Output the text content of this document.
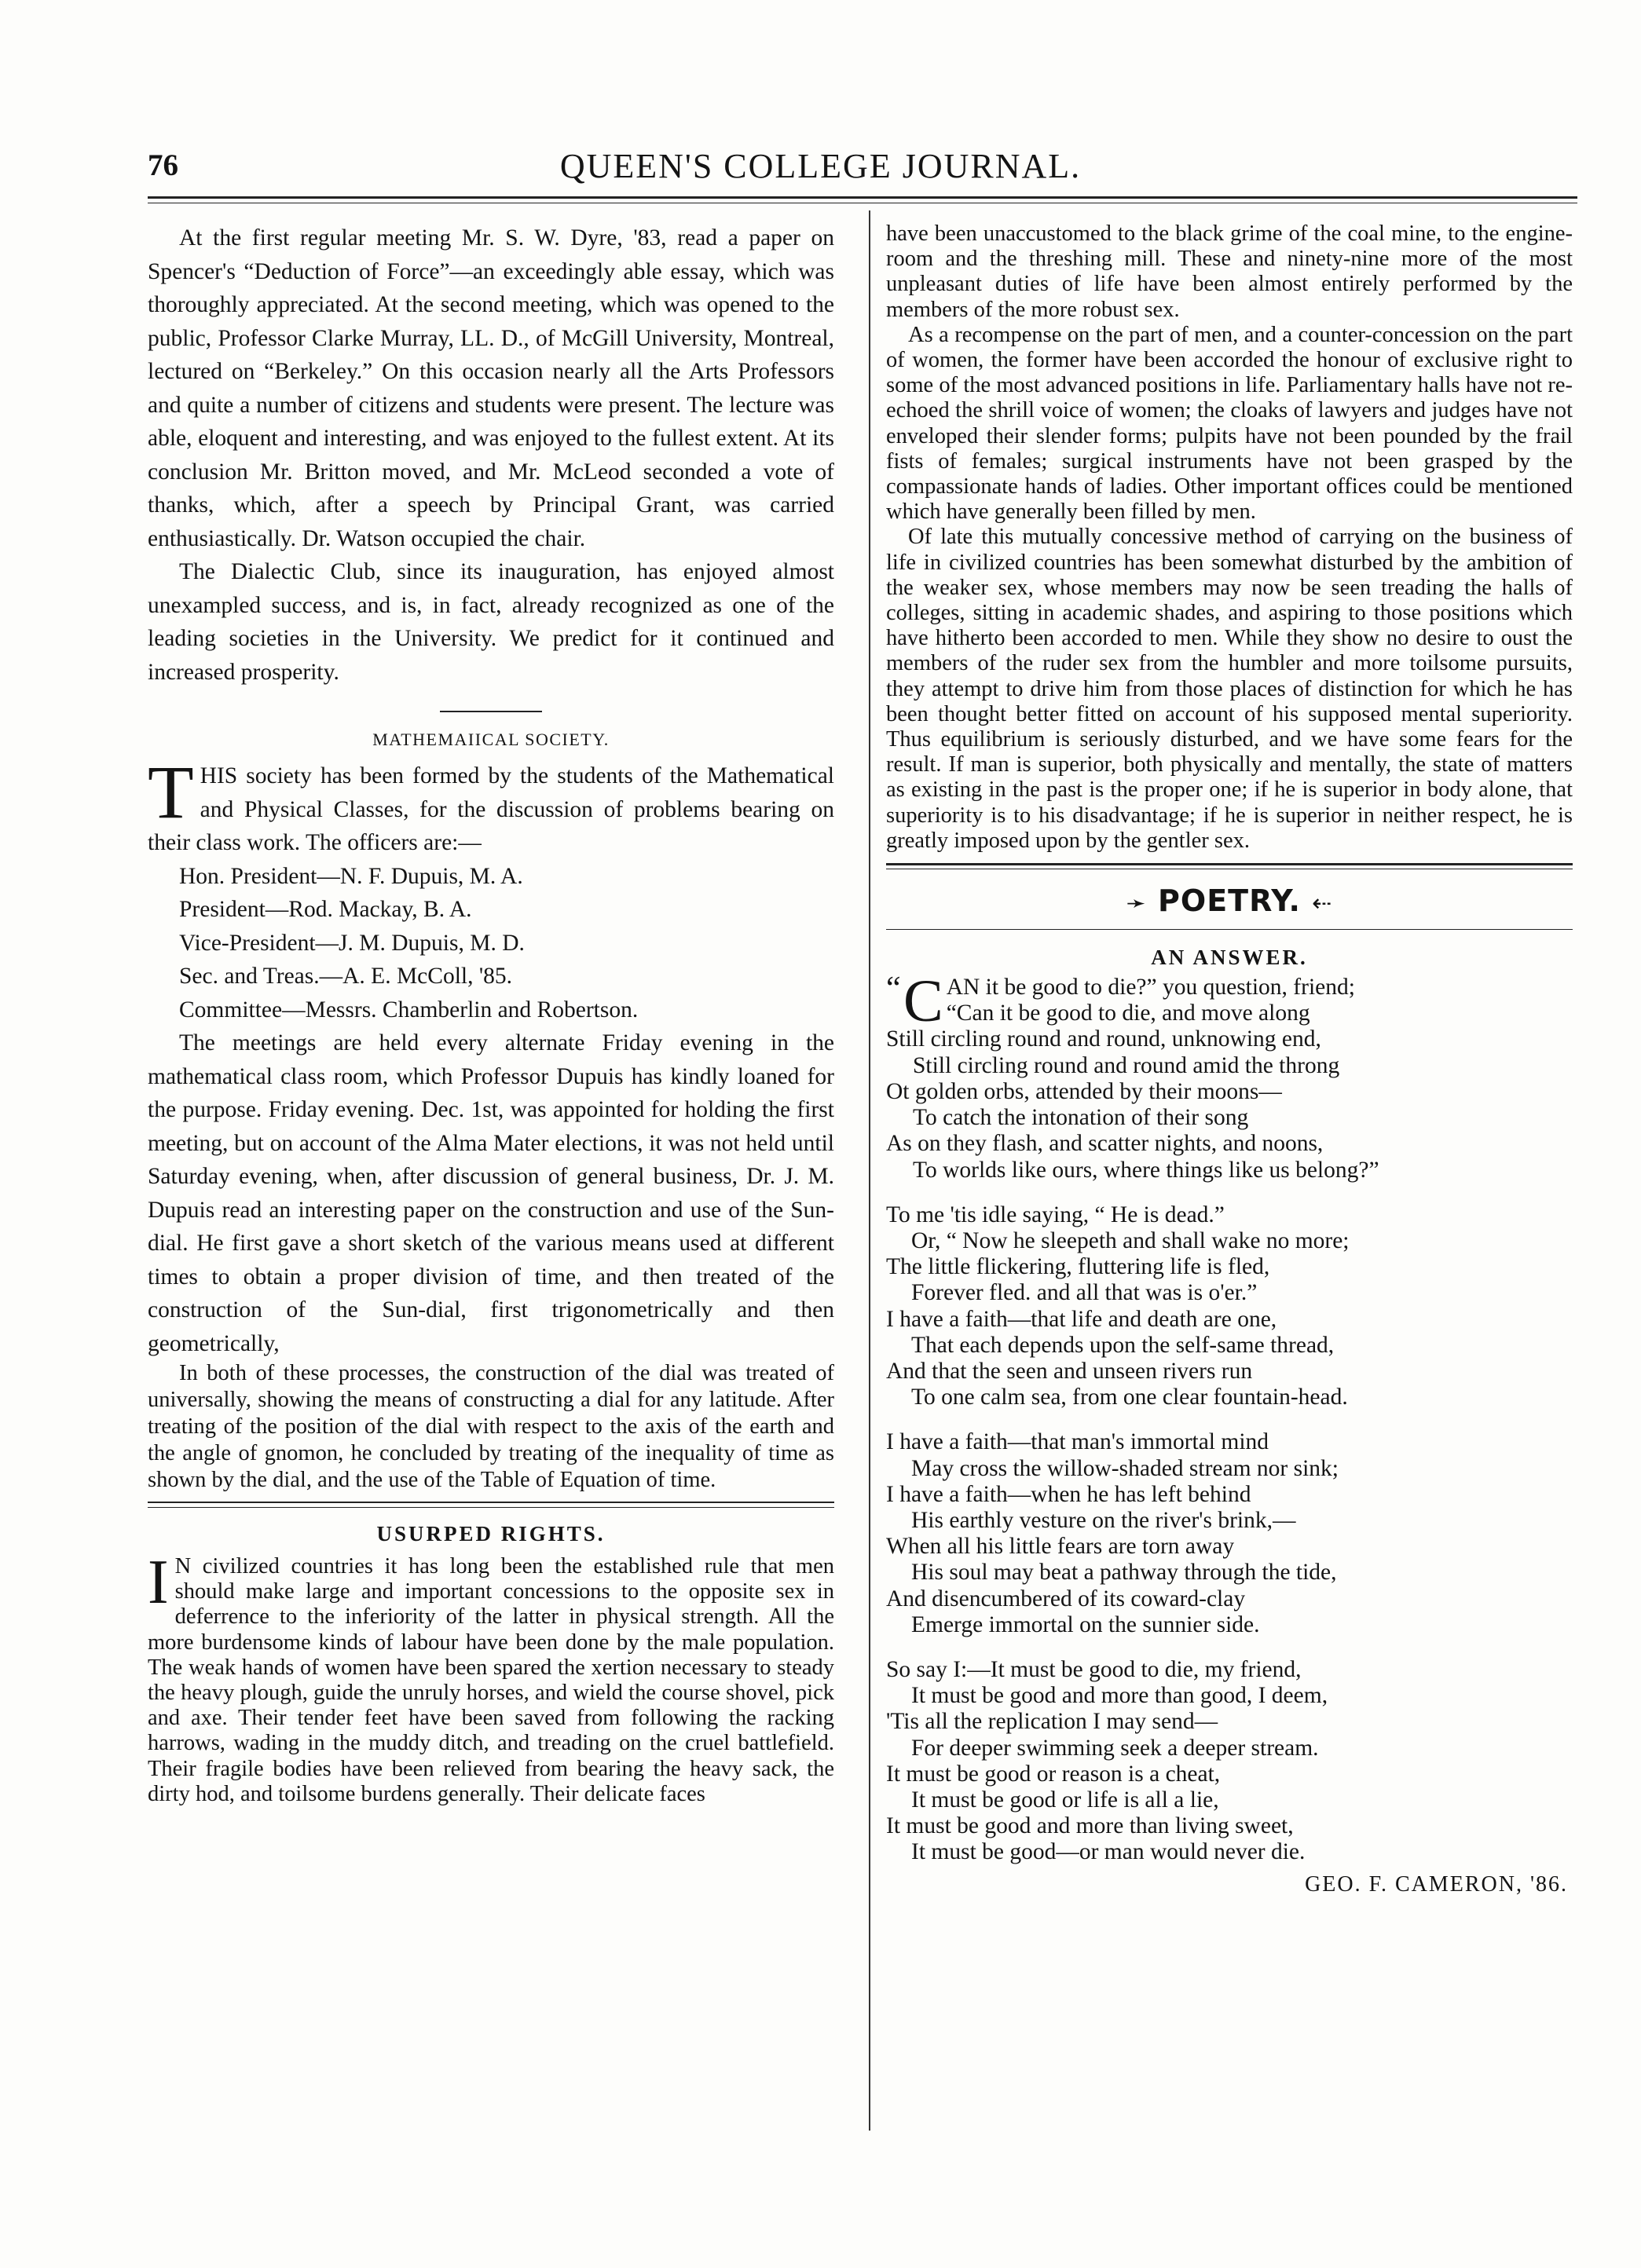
76	QUEEN'S COLLEGE JOURNAL.

At the first regular meeting Mr. S. W. Dyre, '83, read a paper on Spencer's “Deduction of Force”—an exceedingly able essay, which was thoroughly appreciated. At the second meeting, which was opened to the public, Professor Clarke Murray, LL. D., of McGill University, Montreal, lectured on “Berkeley.” On this occasion nearly all the Arts Professors and quite a number of citizens and students were present. The lecture was able, eloquent and interesting, and was enjoyed to the fullest extent. At its conclusion Mr. Britton moved, and Mr. McLeod seconded a vote of thanks, which, after a speech by Principal Grant, was carried enthusiastically. Dr. Watson occupied the chair.

The Dialectic Club, since its inauguration, has enjoyed almost unexampled success, and is, in fact, already recognized as one of the leading societies in the University. We predict for it continued and increased prosperity.

MATHEMAIICAL SOCIETY.

THIS society has been formed by the students of the Mathematical and Physical Classes, for the discussion of problems bearing on their class work. The officers are:—

Hon. President—N. F. Dupuis, M. A.
President—Rod. Mackay, B. A.
Vice-President—J. M. Dupuis, M. D.
Sec. and Treas.—A. E. McColl, '85.
Committee—Messrs. Chamberlin and Robertson.

The meetings are held every alternate Friday evening in the mathematical class room, which Professor Dupuis has kindly loaned for the purpose. Friday evening. Dec. 1st, was appointed for holding the first meeting, but on account of the Alma Mater elections, it was not held until Saturday evening, when, after discussion of general business, Dr. J. M. Dupuis read an interesting paper on the construction and use of the Sun-dial. He first gave a short sketch of the various means used at different times to obtain a proper division of time, and then treated of the construction of the Sun-dial, first trigonometrically and then geometrically,

In both of these processes, the construction of the dial was treated of universally, showing the means of constructing a dial for any latitude. After treating of the position of the dial with respect to the axis of the earth and the angle of gnomon, he concluded by treating of the inequality of time as shown by the dial, and the use of the Table of Equation of time.

USURPED RIGHTS.

I N civilized countries it has long been the established rule that men should make large and important concessions to the opposite sex in deferrence to the inferiority of the latter in physical strength. All the more burdensome kinds of labour have been done by the male population. The weak hands of women have been spared the xertion necessary to steady the heavy plough, guide the unruly horses, and wield the course shovel, pick and axe. Their tender feet have been saved from following the racking harrows, wading in the muddy ditch, and treading on the cruel battlefield. Their fragile bodies have been relieved from bearing the heavy sack, the dirty hod, and toilsome burdens generally. Their delicate faces

have been unaccustomed to the black grime of the coal mine, to the engine-room and the threshing mill. These and ninety-nine more of the most unpleasant duties of life have been almost entirely performed by the members of the more robust sex.

As a recompense on the part of men, and a counter-concession on the part of women, the former have been accorded the honour of exclusive right to some of the most advanced positions in life. Parliamentary halls have not re-echoed the shrill voice of women; the cloaks of lawyers and judges have not enveloped their slender forms; pulpits have not been pounded by the frail fists of females; surgical instruments have not been grasped by the compassionate hands of ladies. Other important offices could be mentioned which have generally been filled by men.

Of late this mutually concessive method of carrying on the business of life in civilized countries has been somewhat disturbed by the ambition of the weaker sex, whose members may now be seen treading the halls of colleges, sitting in academic shades, and aspiring to those positions which have hitherto been accorded to men. While they show no desire to oust the members of the ruder sex from the humbler and more toilsome pursuits, they attempt to drive him from those places of distinction for which he has been thought better fitted on account of his supposed mental superiority. Thus equilibrium is seriously disturbed, and we have some fears for the result. If man is superior, both physically and mentally, the state of matters as existing in the past is the proper one; if he is superior in body alone, that superiority is to his disadvantage; if he is superior in neither respect, he is greatly imposed upon by the gentler sex.

➛ POETRY. ⇠
AN ANSWER.
“ C AN it be good to die?” you question, friend;
“Can it be good to die, and move along
Still circling round and round, unknowing end,
Still circling round and round amid the throng
Ot golden orbs, attended by their moons—
To catch the intonation of their song
As on they flash, and scatter nights, and noons,
To worlds like ours, where things like us belong?”
To me 'tis idle saying, “ He is dead.”
Or, “ Now he sleepeth and shall wake no more;
The little flickering, fluttering life is fled,
Forever fled. and all that was is o'er.”
I have a faith—that life and death are one,
That each depends upon the self-same thread,
And that the seen and unseen rivers run
To one calm sea, from one clear fountain-head.
I have a faith—that man's immortal mind
May cross the willow-shaded stream nor sink;
I have a faith—when he has left behind
His earthly vesture on the river's brink,—
When all his little fears are torn away
His soul may beat a pathway through the tide,
And disencumbered of its coward-clay
Emerge immortal on the sunnier side.
So say I:—It must be good to die, my friend,
It must be good and more than good, I deem,
'Tis all the replication I may send—
For deeper swimming seek a deeper stream.
It must be good or reason is a cheat,
It must be good or life is all a lie,
It must be good and more than living sweet,
It must be good—or man would never die.
GEO. F. CAMERON, '86.
